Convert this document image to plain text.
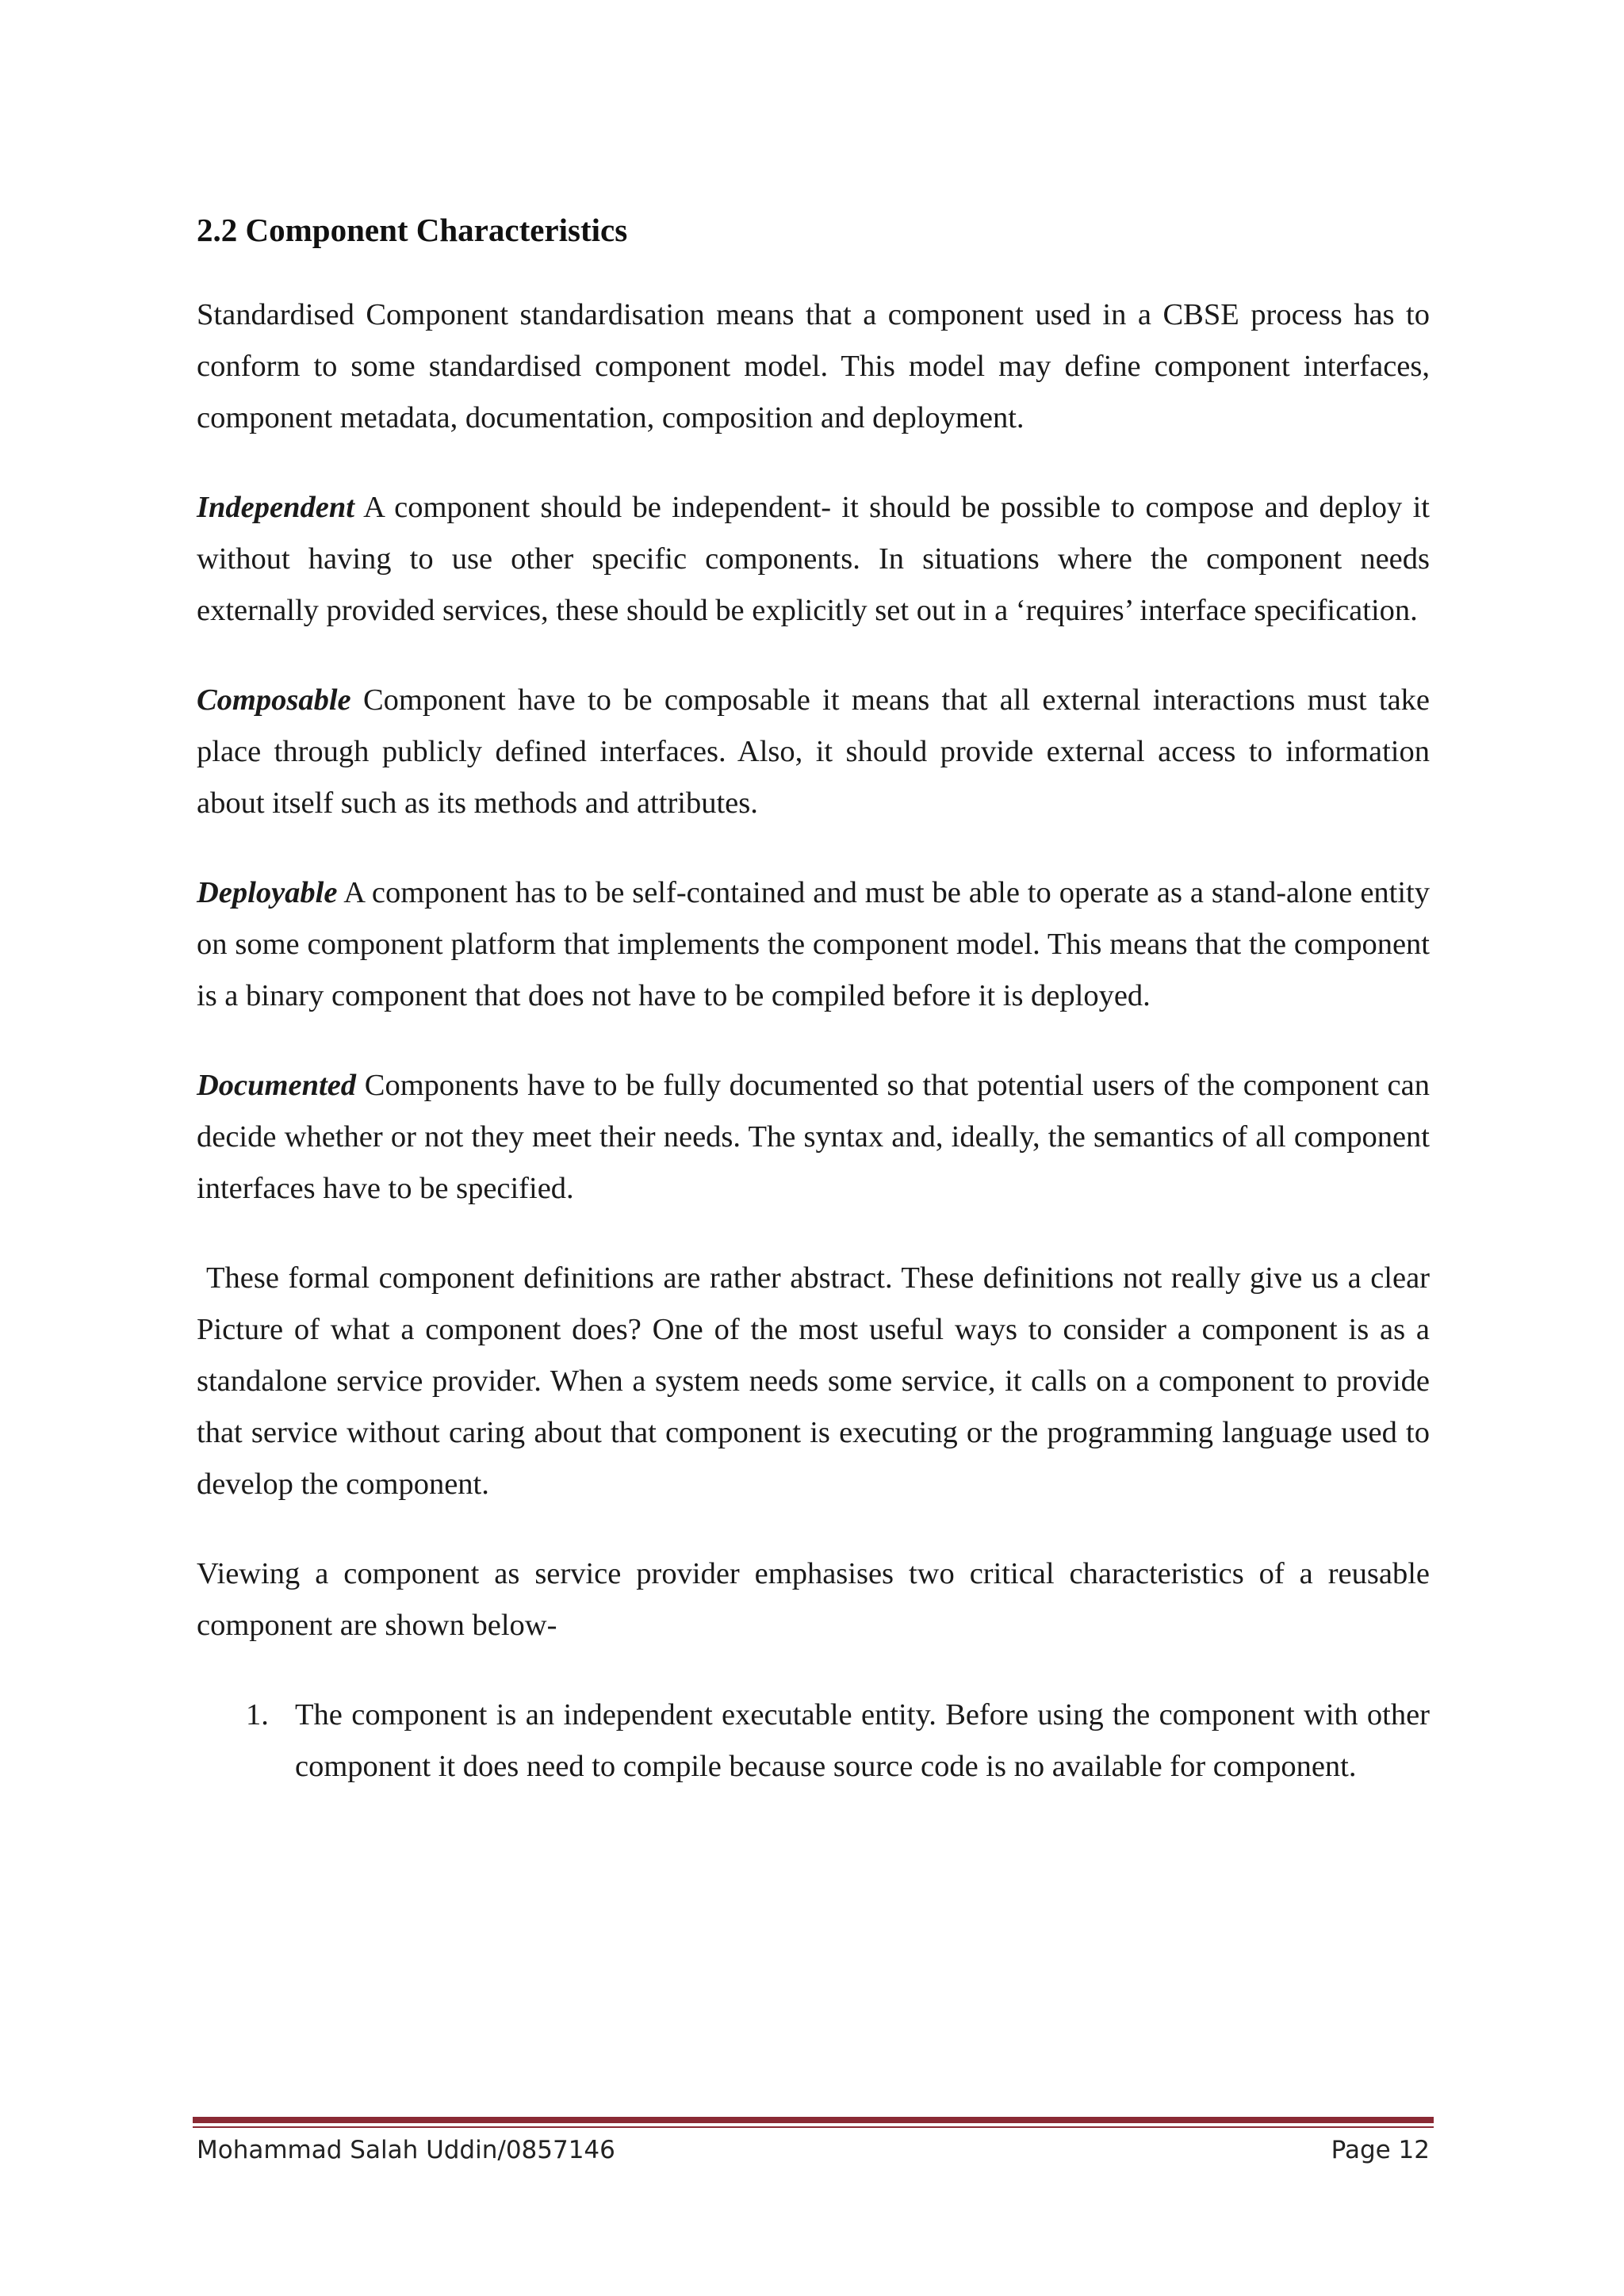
2.2 Component Characteristics

Standardised Component standardisation means that a component used in a CBSE process has to conform to some standardised component model. This model may define component interfaces, component metadata, documentation, composition and deployment.

Independent A component should be independent- it should be possible to compose and deploy it without having to use other specific components. In situations where the component needs externally provided services, these should be explicitly set out in a ‘requires’ interface specification.

Composable Component have to be composable it means that all external interactions must take place through publicly defined interfaces. Also, it should provide external access to information about itself such as its methods and attributes.

Deployable A component has to be self-contained and must be able to operate as a stand-alone entity on some component platform that implements the component model. This means that the component is a binary component that does not have to be compiled before it is deployed.

Documented Components have to be fully documented so that potential users of the component can decide whether or not they meet their needs. The syntax and, ideally, the semantics of all component interfaces have to be specified.

These formal component definitions are rather abstract. These definitions not really give us a clear Picture of what a component does? One of the most useful ways to consider a component is as a standalone service provider. When a system needs some service, it calls on a component to provide that service without caring about that component is executing or the programming language used to develop the component.

Viewing a component as service provider emphasises two critical characteristics of a reusable component are shown below-

1. The component is an independent executable entity. Before using the component with other component it does need to compile because source code is no available for component.
Mohammad Salah Uddin/0857146	Page 12
